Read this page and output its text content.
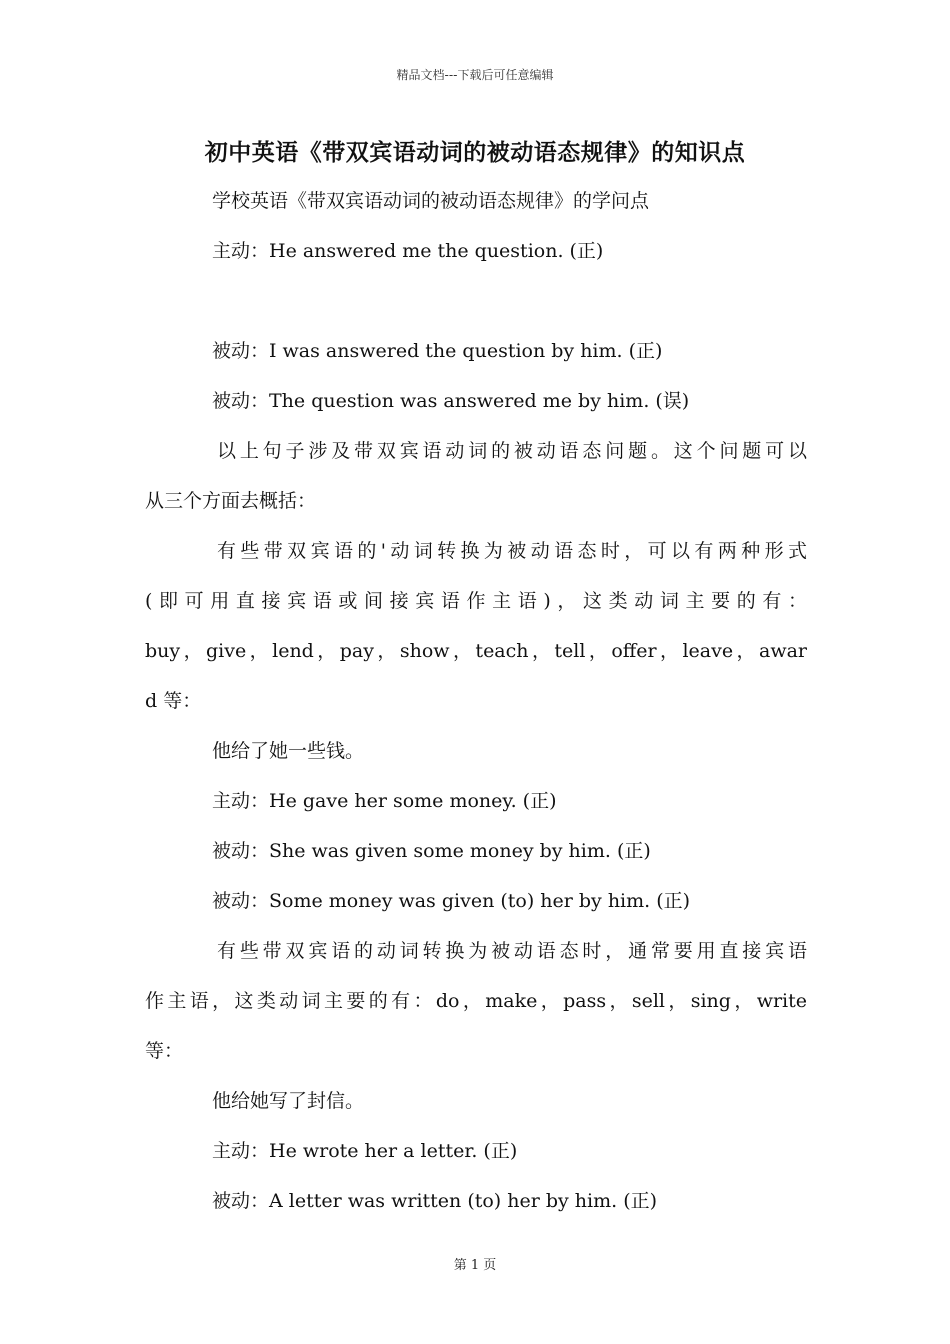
精品文档---下载后可任意编辑
初中英语《带双宾语动词的被动语态规律》的知识点
学校英语《带双宾语动词的被动语态规律》的学问点
主动：He answered me the question. (正)
被动：I was answered the question by him. (正)
被动：The question was answered me by him. (误)
以上句子涉及带双宾语动词的被动语态问题。这个问题可以
从三个方面去概括：
有些带双宾语的'动词转换为被动语态时，可以有两种形式
(即可用直接宾语或间接宾语作主语)，这类动词主要的有：
buy，give，lend，pay，show，teach，tell，offer，leave，awar
d 等：
他给了她一些钱。
主动：He gave her some money. (正)
被动：She was given some money by him. (正)
被动：Some money was given (to) her by him. (正)
有些带双宾语的动词转换为被动语态时，通常要用直接宾语
作主语，这类动词主要的有：do，make，pass，sell，sing，write
等：
他给她写了封信。
主动：He wrote her a letter. (正)
被动：A letter was written (to) her by him. (正)
第 1 页
